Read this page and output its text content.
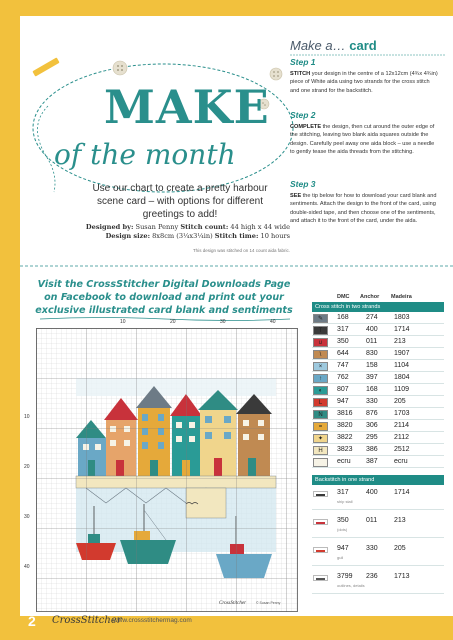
MAKE
of the month
Use our chart to create a pretty harbour scene card – with options for different greetings to add!
Designed by: Susan Penny Stitch count: 44 high x 44 wide
Design size: 8x8cm (3¼x3¼in) Stitch time: 10 hours
This design was stitched on 14 count aida fabric.
Make a… card
Step 1
STITCH your design in the centre of a 12x12cm (4¾x 4¾in) piece of White aida using two strands for the cross stitch and one strand for the backstitch.
Step 2
COMPLETE the design, then cut around the outer edge of the stitching, leaving two blank aida squares outside the design. Carefully peel away one aida block – use a needle to gently tease the aida threads from the stitching.
Step 3
SEE the tip below for how to download your card blank and sentiments. Attach the design to the front of the card, using double-sided tape, and then choose one of the sentiments, and attach it to the front of the card, under the aida.
Visit the CrossStitcher Digital Downloads Page on Facebook to download and print out your exclusive illustrated card blank and sentiments
10	20	30	40
10
20
30
40
CrossStitcher	© Susan Penny
DMC Anchor Madeira
Cross stitch in two strands
✎	168 274 1803
T	317 400 1714
∪	350 011 213
\	644 830 1907
×	747 158 1104
↑	762 397 1804
◐	807 168 1109
L	947 330 205
N	3816 876 1703
=	3820 306 2114
✦	3822 295 2112
H	3823 386 2512
ecru 387 ecru
Backstitch in one strand
317 400 1714
ship stall
350 011 213
(dots)
947 330 205
gull
3799 236 1713
outlines, details
2 CrossStitcher
www.crossstitchermag.com
